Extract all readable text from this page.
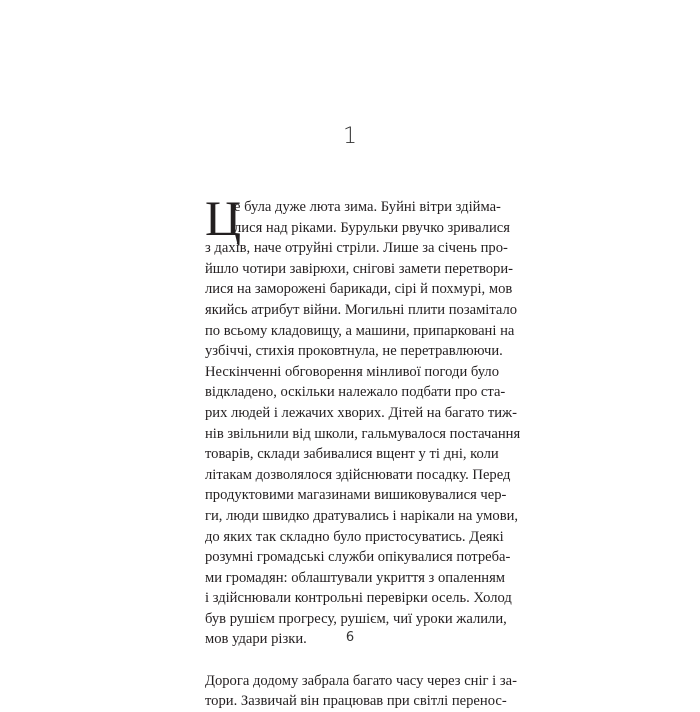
1
Ц
е була дуже люта зима. Буйні вітри здійма-
лися над ріками. Бурульки рвучко зривалися
з дахів, наче отруйні стріли. Лише за січень про-
йшло чотири завірюхи, снігові замети перетвори-
лися на заморожені барикади, сірі й похмурі, мов
якийсь атрибут війни. Могильні плити позамітало
по всьому кладовищу, а машини, припарковані на
узбіччі, стихія проковтнула, не перетравлюючи.
Нескінченні обговорення мінливої погоди було
відкладено, оскільки належало подбати про ста-
рих людей і лежачих хворих. Дітей на багато тиж-
нів звільнили від школи, гальмувалося постачання
товарів, склади забивалися вщент у ті дні, коли
літакам дозволялося здійснювати посадку. Перед
продуктовими магазинами вишиковувалися чер-
ги, люди швидко дратувались і нарікали на умови,
до яких так складно було пристосуватись. Деякі
розумні громадські служби опікувалися потреба-
ми громадян: облаштували укриття з опаленням
і здійснювали контрольні перевірки осель. Холод
був рушієм прогресу, рушієм, чиї уроки жалили,
мов удари різки.
Дорога додому забрала багато часу через сніг і за-
тори. Зазвичай він працював при світлі перенос-
6
